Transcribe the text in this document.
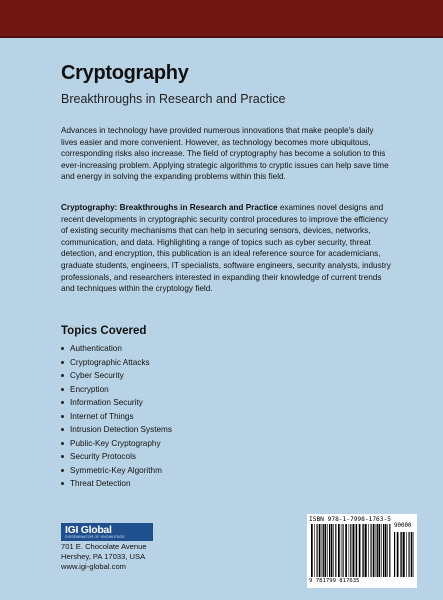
Cryptography
Breakthroughs in Research and Practice
Advances in technology have provided numerous innovations that make people's daily lives easier and more convenient. However, as technology becomes more ubiquitous, corresponding risks also increase. The field of cryptography has become a solution to this ever-increasing problem. Applying strategic algorithms to cryptic issues can help save time and energy in solving the expanding problems within this field.
Cryptography: Breakthroughs in Research and Practice examines novel designs and recent developments in cryptographic security control procedures to improve the efficiency of existing security mechanisms that can help in securing sensors, devices, networks, communication, and data. Highlighting a range of topics such as cyber security, threat detection, and encryption, this publication is an ideal reference source for academicians, graduate students, engineers, IT specialists, software engineers, security analysts, industry professionals, and researchers interested in expanding their knowledge of current trends and techniques within the cryptology field.
Topics Covered
Authentication
Cryptographic Attacks
Cyber Security
Encryption
Information Security
Internet of Things
Intrusion Detection Systems
Public-Key Cryptography
Security Protocols
Symmetric-Key Algorithm
Threat Detection
IGI Global
DISSEMINATOR OF KNOWLEDGE
701 E. Chocolate Avenue
Hershey, PA 17033, USA
www.igi-global.com
ISBN 978-1-7998-1763-5
90000
9 781799 817635
